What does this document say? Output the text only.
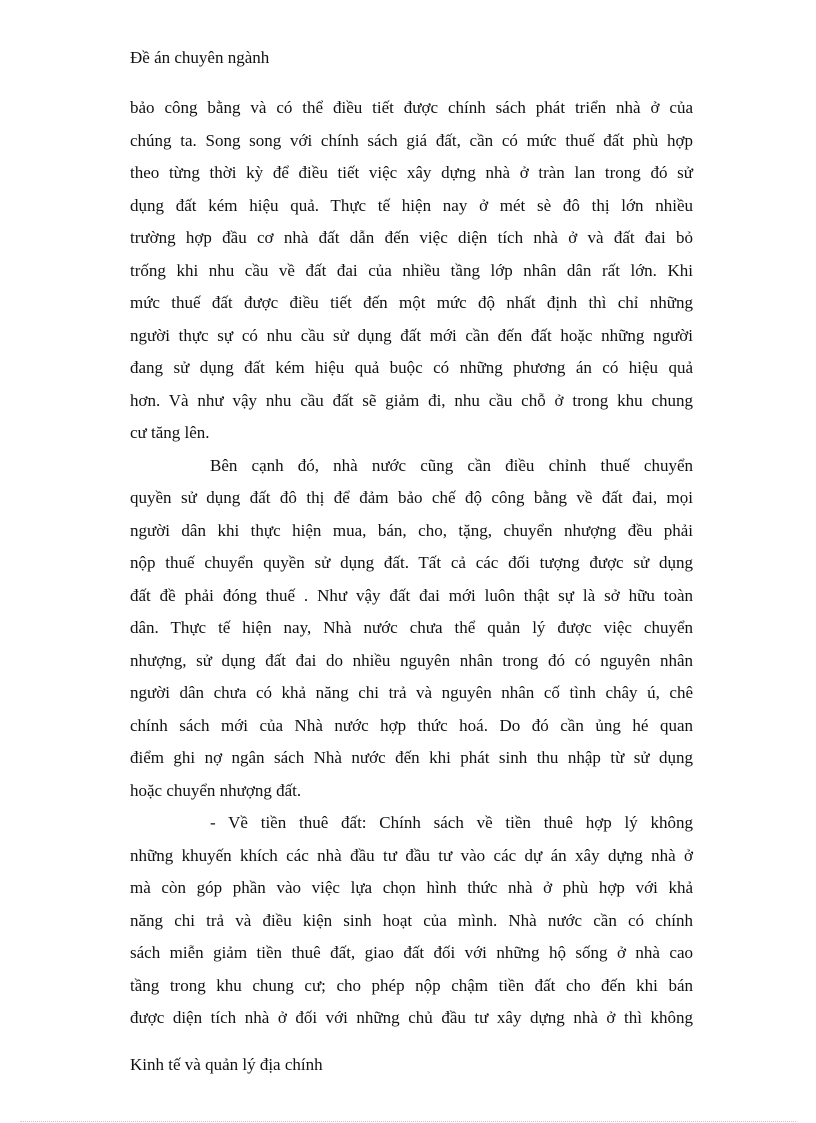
Đề án chuyên ngành
bảo công bằng và có thể điều tiết được chính sách phát triển nhà ở của
chúng ta. Song song với chính sách giá đất, cần có mức thuế đất phù hợp
theo từng thời kỳ để điều tiết việc xây dựng nhà ở tràn lan trong đó sử
dụng đất kém hiệu quả. Thực tế hiện nay ở mét sè đô thị lớn nhiều
trường hợp đầu cơ nhà đất dẫn đến việc diện tích nhà ở và đất đai bỏ
trống khi nhu cầu về đất đai của nhiều tầng lớp nhân dân rất lớn. Khi
mức thuế đất được điều tiết đến một mức độ nhất định thì chỉ những
người thực sự có nhu cầu sử dụng đất mới cần đến đất hoặc những người
đang sử dụng đất kém hiệu quả buộc có những phương án có hiệu quả
hơn. Và như vậy nhu cầu đất sẽ giảm đi, nhu cầu chỗ ở trong khu chung
cư tăng lên.
Bên cạnh đó, nhà nước cũng cần điều chỉnh thuế chuyển
quyền sử dụng đất đô thị để đảm bảo chế độ công bằng về đất đai, mọi
người dân khi thực hiện mua, bán, cho, tặng, chuyển nhượng đều phải
nộp thuế chuyển quyền sử dụng đất. Tất cả các đối tượng được sử dụng
đất đề phải đóng thuế . Như vậy đất đai mới luôn thật sự là sở hữu toàn
dân. Thực tế hiện nay, Nhà nước chưa thể quản lý được việc chuyển
nhượng, sử dụng đất đai do nhiều nguyên nhân trong đó có nguyên nhân
người dân chưa có khả năng chi trả và nguyên nhân cố tình chây ú, chê
chính sách mới của Nhà nước hợp thức hoá. Do đó cần ủng hé quan
điểm ghi nợ ngân sách Nhà nước đến khi phát sinh thu nhập từ sử dụng
hoặc chuyển nhượng đất.
- Về tiền thuê đất: Chính sách về tiền thuê hợp lý không
những khuyến khích các nhà đầu tư đầu tư vào các dự án xây dựng nhà ở
mà còn góp phần vào việc lựa chọn hình thức nhà ở phù hợp với khả
năng chi trả và điều kiện sinh hoạt của mình. Nhà nước cần có chính
sách miễn giảm tiền thuê đất, giao đất đối với những hộ sống ở nhà cao
tầng trong khu chung cư; cho phép nộp chậm tiền đất cho đến khi bán
được diện tích nhà ở đối với những chủ đầu tư xây dựng nhà ở thì không
Kinh tế và quản lý địa chính
